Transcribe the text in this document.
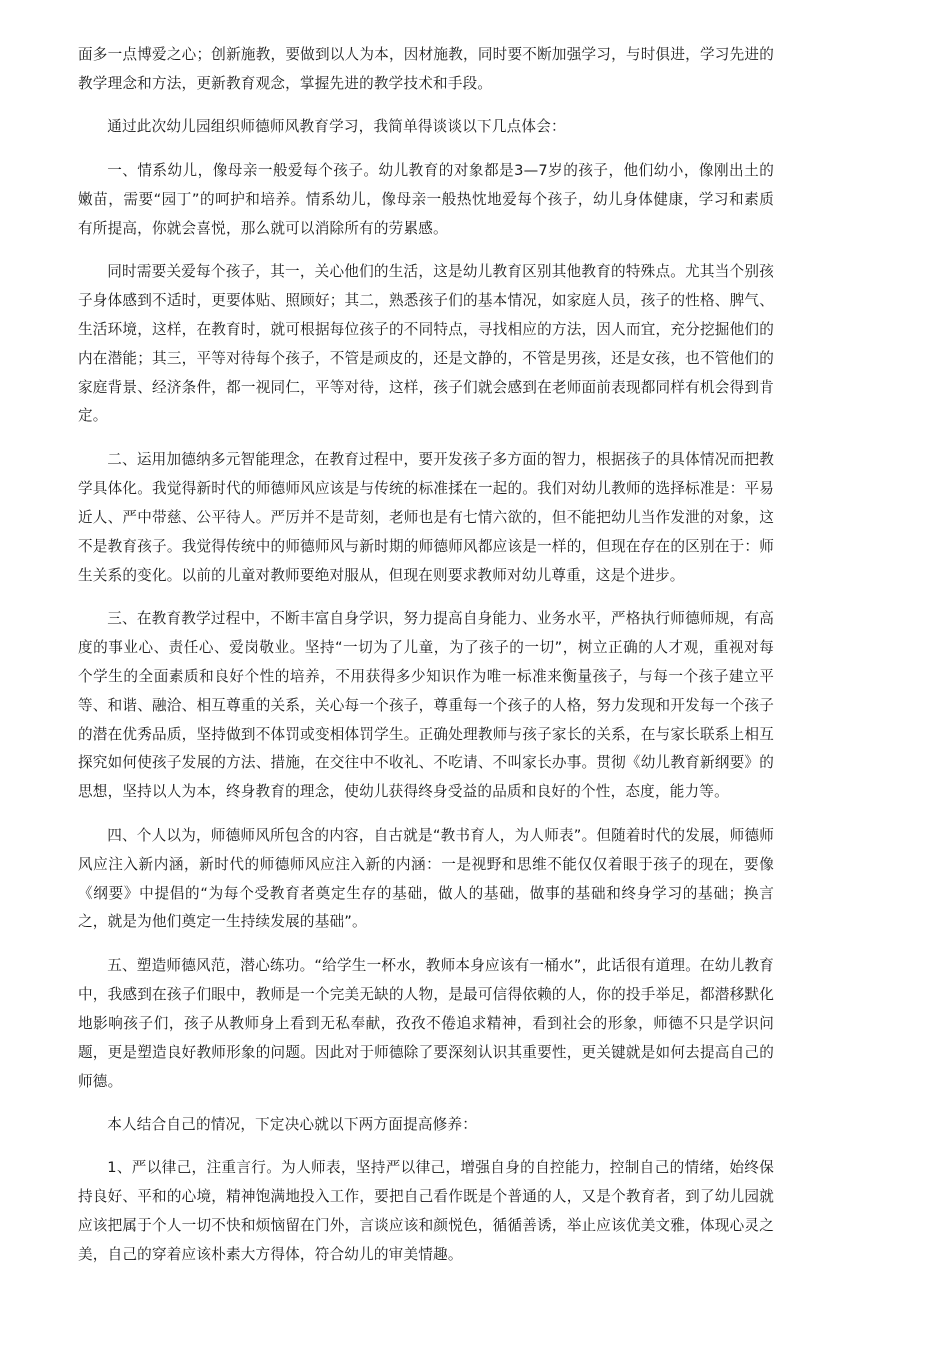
面多一点博爱之心；创新施教，要做到以人为本，因材施教，同时要不断加强学习，与时俱进，学习先进的教学理念和方法，更新教育观念，掌握先进的教学技术和手段。

通过此次幼儿园组织师德师风教育学习，我简单得谈谈以下几点体会：

一、情系幼儿，像母亲一般爱每个孩子。幼儿教育的对象都是3—7岁的孩子，他们幼小，像刚出土的嫩苗，需要“园丁”的呵护和培养。情系幼儿，像母亲一般热忱地爱每个孩子，幼儿身体健康，学习和素质有所提高，你就会喜悦，那么就可以消除所有的劳累感。

同时需要关爱每个孩子，其一，关心他们的生活，这是幼儿教育区别其他教育的特殊点。尤其当个别孩子身体感到不适时，更要体贴、照顾好；其二，熟悉孩子们的基本情况，如家庭人员，孩子的性格、脾气、生活环境，这样，在教育时，就可根据每位孩子的不同特点，寻找相应的方法，因人而宜，充分挖掘他们的内在潜能；其三，平等对待每个孩子，不管是顽皮的，还是文静的，不管是男孩，还是女孩，也不管他们的家庭背景、经济条件，都一视同仁，平等对待，这样，孩子们就会感到在老师面前表现都同样有机会得到肯定。

二、运用加德纳多元智能理念，在教育过程中，要开发孩子多方面的智力，根据孩子的具体情况而把教学具体化。我觉得新时代的师德师风应该是与传统的标准揉在一起的。我们对幼儿教师的选择标准是：平易近人、严中带慈、公平待人。严厉并不是苛刻，老师也是有七情六欲的，但不能把幼儿当作发泄的对象，这不是教育孩子。我觉得传统中的师德师风与新时期的师德师风都应该是一样的，但现在存在的区别在于：师生关系的变化。以前的儿童对教师要绝对服从，但现在则要求教师对幼儿尊重，这是个进步。

三、在教育教学过程中，不断丰富自身学识，努力提高自身能力、业务水平，严格执行师德师规，有高度的事业心、责任心、爱岗敬业。坚持“一切为了儿童，为了孩子的一切”，树立正确的人才观，重视对每个学生的全面素质和良好个性的培养，不用获得多少知识作为唯一标准来衡量孩子，与每一个孩子建立平等、和谐、融洽、相互尊重的关系，关心每一个孩子，尊重每一个孩子的人格，努力发现和开发每一个孩子的潜在优秀品质，坚持做到不体罚或变相体罚学生。正确处理教师与孩子家长的关系，在与家长联系上相互探究如何使孩子发展的方法、措施，在交往中不收礼、不吃请、不叫家长办事。贯彻《幼儿教育新纲要》的思想，坚持以人为本，终身教育的理念，使幼儿获得终身受益的品质和良好的个性，态度，能力等。

四、个人以为，师德师风所包含的内容，自古就是“教书育人，为人师表”。但随着时代的发展，师德师风应注入新内涵，新时代的师德师风应注入新的内涵：一是视野和思维不能仅仅着眼于孩子的现在，要像《纲要》中提倡的“为每个受教育者奠定生存的基础，做人的基础，做事的基础和终身学习的基础；换言之，就是为他们奠定一生持续发展的基础”。

五、塑造师德风范，潜心练功。“给学生一杯水，教师本身应该有一桶水”，此话很有道理。在幼儿教育中，我感到在孩子们眼中，教师是一个完美无缺的人物，是最可信得依赖的人，你的投手举足，都潜移默化地影响孩子们，孩子从教师身上看到无私奉献，孜孜不倦追求精神，看到社会的形象，师德不只是学识问题，更是塑造良好教师形象的问题。因此对于师德除了要深刻认识其重要性，更关键就是如何去提高自己的师德。

本人结合自己的情况，下定决心就以下两方面提高修养：

1、严以律己，注重言行。为人师表，坚持严以律己，增强自身的自控能力，控制自己的情绪，始终保持良好、平和的心境，精神饱满地投入工作，要把自己看作既是个普通的人，又是个教育者，到了幼儿园就应该把属于个人一切不快和烦恼留在门外，言谈应该和颜悦色，循循善诱，举止应该优美文雅，体现心灵之美，自己的穿着应该朴素大方得体，符合幼儿的审美情趣。
